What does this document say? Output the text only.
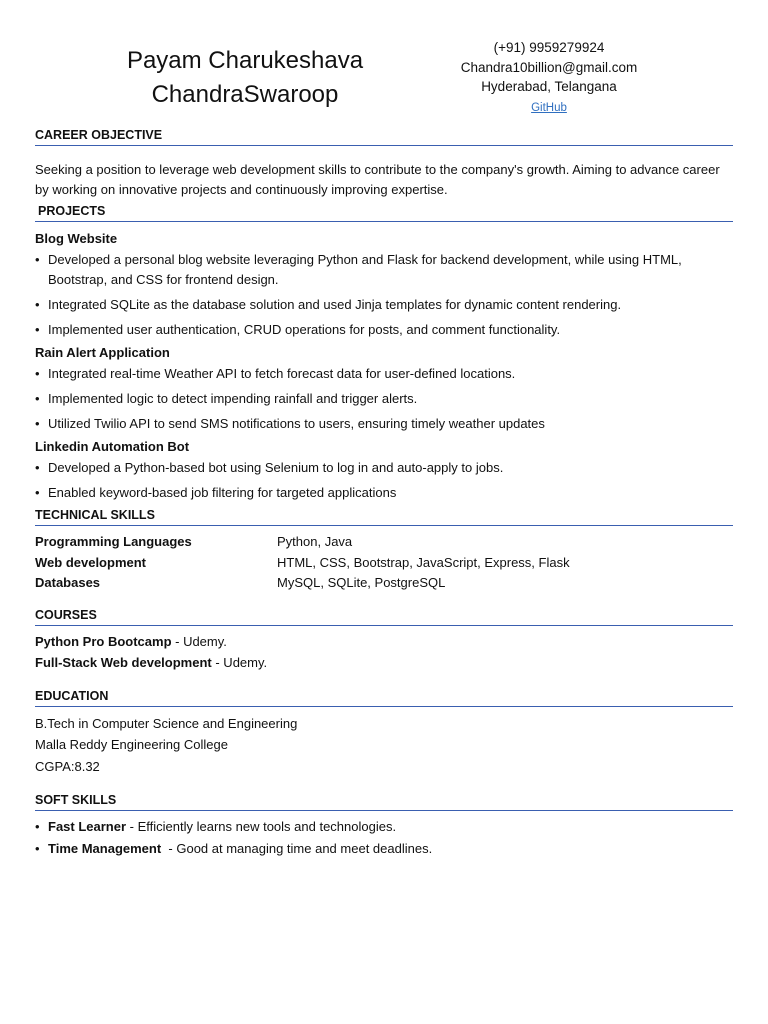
Payam Charukeshava
ChandraSwaroop
(+91) 9959279924
Chandra10billion@gmail.com
Hyderabad, Telangana
GitHub
CAREER OBJECTIVE
Seeking a position to leverage web development skills to contribute to the company's growth. Aiming to advance career by working on innovative projects and continuously improving expertise.
PROJECTS
Blog Website
• Developed a personal blog website leveraging Python and Flask for backend development, while using HTML, Bootstrap, and CSS for frontend design.
• Integrated SQLite as the database solution and used Jinja templates for dynamic content rendering.
• Implemented user authentication, CRUD operations for posts, and comment functionality.
Rain Alert Application
• Integrated real-time Weather API to fetch forecast data for user-defined locations.
• Implemented logic to detect impending rainfall and trigger alerts.
• Utilized Twilio API to send SMS notifications to users, ensuring timely weather updates
Linkedin Automation Bot
• Developed a Python-based bot using Selenium to log in and auto-apply to jobs.
• Enabled keyword-based job filtering for targeted applications
TECHNICAL SKILLS
Programming Languages	Python, Java
Web development	HTML, CSS, Bootstrap, JavaScript, Express, Flask
Databases	MySQL, SQLite, PostgreSQL
COURSES
Python Pro Bootcamp - Udemy.
Full-Stack Web development - Udemy.
EDUCATION
B.Tech in Computer Science and Engineering
Malla Reddy Engineering College
CGPA:8.32
SOFT SKILLS
• Fast Learner - Efficiently learns new tools and technologies.
• Time Management  - Good at managing time and meet deadlines.
